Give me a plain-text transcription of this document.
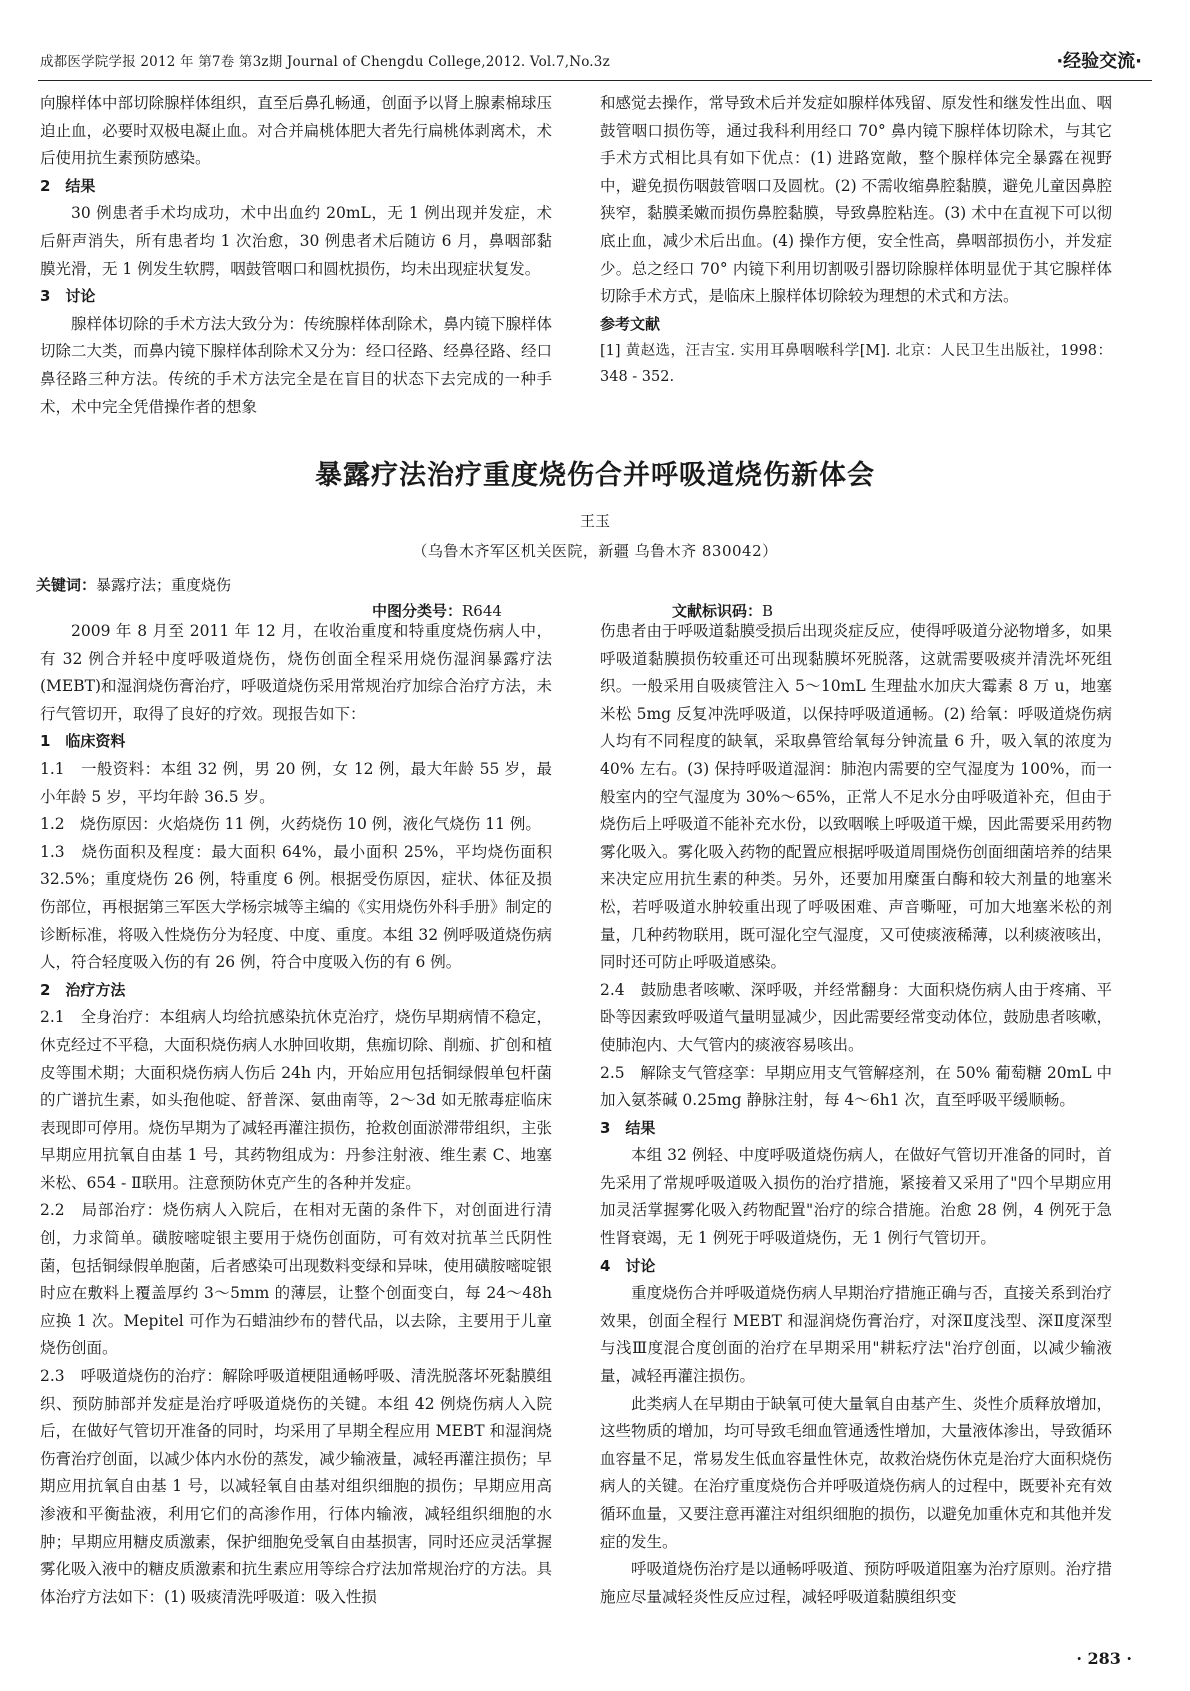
成都医学院学报 2012 年 第7卷 第3z期 Journal of Chengdu College,2012. Vol.7,No.3z	·经验交流·

向腺样体中部切除腺样体组织，直至后鼻孔畅通，创面予以肾上腺素棉球压迫止血，必要时双极电凝止血。对合并扁桃体肥大者先行扁桃体剥离术，术后使用抗生素预防感染。

2　结果

30 例患者手术均成功，术中出血约 20mL，无 1 例出现并发症，术后鼾声消失，所有患者均 1 次治愈，30 例患者术后随访 6 月，鼻咽部黏膜光滑，无 1 例发生软腭，咽鼓管咽口和圆枕损伤，均未出现症状复发。

3　讨论

腺样体切除的手术方法大致分为：传统腺样体刮除术，鼻内镜下腺样体切除二大类，而鼻内镜下腺样体刮除术又分为：经口径路、经鼻径路、经口鼻径路三种方法。传统的手术方法完全是在盲目的状态下去完成的一种手术，术中完全凭借操作者的想象

和感觉去操作，常导致术后并发症如腺样体残留、原发性和继发性出血、咽鼓管咽口损伤等，通过我科利用经口 70° 鼻内镜下腺样体切除术，与其它手术方式相比具有如下优点：(1) 进路宽敞，整个腺样体完全暴露在视野中，避免损伤咽鼓管咽口及圆枕。(2) 不需收缩鼻腔黏膜，避免儿童因鼻腔狭窄，黏膜柔嫩而损伤鼻腔黏膜，导致鼻腔粘连。(3) 术中在直视下可以彻底止血，减少术后出血。(4) 操作方便，安全性高，鼻咽部损伤小，并发症少。总之经口 70° 内镜下利用切割吸引器切除腺样体明显优于其它腺样体切除手术方式，是临床上腺样体切除较为理想的术式和方法。

参考文献

[1] 黄赵选，汪吉宝. 实用耳鼻咽喉科学[M]. 北京：人民卫生出版社，1998：348 - 352.

暴露疗法治疗重度烧伤合并呼吸道烧伤新体会
王玉
（乌鲁木齐军区机关医院，新疆 乌鲁木齐 830042）
关键词：暴露疗法；重度烧伤
中图分类号：R644	文献标识码：B

2009 年 8 月至 2011 年 12 月，在收治重度和特重度烧伤病人中，有 32 例合并轻中度呼吸道烧伤，烧伤创面全程采用烧伤湿润暴露疗法(MEBT)和湿润烧伤膏治疗，呼吸道烧伤采用常规治疗加综合治疗方法，未行气管切开，取得了良好的疗效。现报告如下：

1　临床资料

1.1　一般资料：本组 32 例，男 20 例，女 12 例，最大年龄 55 岁，最小年龄 5 岁，平均年龄 36.5 岁。

1.2　烧伤原因：火焰烧伤 11 例，火药烧伤 10 例，液化气烧伤 11 例。

1.3　烧伤面积及程度：最大面积 64%，最小面积 25%，平均烧伤面积 32.5%；重度烧伤 26 例，特重度 6 例。根据受伤原因，症状、体征及损伤部位，再根据第三军医大学杨宗城等主编的《实用烧伤外科手册》制定的诊断标准，将吸入性烧伤分为轻度、中度、重度。本组 32 例呼吸道烧伤病人，符合轻度吸入伤的有 26 例，符合中度吸入伤的有 6 例。

2　治疗方法

2.1　全身治疗：本组病人均给抗感染抗休克治疗，烧伤早期病情不稳定，休克经过不平稳，大面积烧伤病人水肿回收期，焦痂切除、削痂、扩创和植皮等围术期；大面积烧伤病人伤后 24h 内，开始应用包括铜绿假单包杆菌的广谱抗生素，如头孢他啶、舒普深、氨曲南等，2～3d 如无脓毒症临床表现即可停用。烧伤早期为了减轻再灌注损伤，抢救创面淤滞带组织，主张早期应用抗氧自由基 1 号，其药物组成为：丹参注射液、维生素 C、地塞米松、654 - Ⅱ联用。注意预防休克产生的各种并发症。

2.2　局部治疗：烧伤病人入院后，在相对无菌的条件下，对创面进行清创，力求简单。磺胺嘧啶银主要用于烧伤创面防，可有效对抗革兰氏阴性菌，包括铜绿假单胞菌，后者感染可出现数料变绿和异味，使用磺胺嘧啶银时应在敷料上覆盖厚约 3～5mm 的薄层，让整个创面变白，每 24～48h 应换 1 次。Mepitel 可作为石蜡油纱布的替代品，以去除，主要用于儿童烧伤创面。

2.3　呼吸道烧伤的治疗：解除呼吸道梗阻通畅呼吸、清洗脱落坏死黏膜组织、预防肺部并发症是治疗呼吸道烧伤的关键。本组 42 例烧伤病人入院后，在做好气管切开准备的同时，均采用了早期全程应用 MEBT 和湿润烧伤膏治疗创面，以减少体内水份的蒸发，减少输液量，减轻再灌注损伤；早期应用抗氧自由基 1 号，以减轻氧自由基对组织细胞的损伤；早期应用高渗液和平衡盐液，利用它们的高渗作用，行体内输液，减轻组织细胞的水肿；早期应用糖皮质激素，保护细胞免受氧自由基损害，同时还应灵活掌握雾化吸入液中的糖皮质激素和抗生素应用等综合疗法加常规治疗的方法。具体治疗方法如下：(1) 吸痰清洗呼吸道：吸入性损

伤患者由于呼吸道黏膜受损后出现炎症反应，使得呼吸道分泌物增多，如果呼吸道黏膜损伤较重还可出现黏膜坏死脱落，这就需要吸痰并清洗坏死组织。一般采用自吸痰管注入 5～10mL 生理盐水加庆大霉素 8 万 u，地塞米松 5mg 反复冲洗呼吸道，以保持呼吸道通畅。(2) 给氧：呼吸道烧伤病人均有不同程度的缺氧，采取鼻管给氧每分钟流量 6 升，吸入氧的浓度为 40% 左右。(3) 保持呼吸道湿润：肺泡内需要的空气湿度为 100%，而一般室内的空气湿度为 30%～65%，正常人不足水分由呼吸道补充，但由于烧伤后上呼吸道不能补充水份，以致咽喉上呼吸道干燥，因此需要采用药物雾化吸入。雾化吸入药物的配置应根据呼吸道周围烧伤创面细菌培养的结果来决定应用抗生素的种类。另外，还要加用糜蛋白酶和较大剂量的地塞米松，若呼吸道水肿较重出现了呼吸困难、声音嘶哑，可加大地塞米松的剂量，几种药物联用，既可湿化空气湿度，又可使痰液稀薄，以利痰液咳出，同时还可防止呼吸道感染。

2.4　鼓励患者咳嗽、深呼吸，并经常翻身：大面积烧伤病人由于疼痛、平卧等因素致呼吸道气量明显减少，因此需要经常变动体位，鼓励患者咳嗽，使肺泡内、大气管内的痰液容易咳出。

2.5　解除支气管痉挛：早期应用支气管解痉剂，在 50% 葡萄糖 20mL 中加入氨茶碱 0.25mg 静脉注射，每 4～6h1 次，直至呼吸平缓顺畅。

3　结果

本组 32 例轻、中度呼吸道烧伤病人，在做好气管切开准备的同时，首先采用了常规呼吸道吸入损伤的治疗措施，紧接着又采用了"四个早期应用加灵活掌握雾化吸入药物配置"治疗的综合措施。治愈 28 例，4 例死于急性肾衰竭，无 1 例死于呼吸道烧伤，无 1 例行气管切开。

4　讨论

重度烧伤合并呼吸道烧伤病人早期治疗措施正确与否，直接关系到治疗效果，创面全程行 MEBT 和湿润烧伤膏治疗，对深Ⅱ度浅型、深Ⅱ度深型与浅Ⅲ度混合度创面的治疗在早期采用"耕耘疗法"治疗创面，以减少输液量，减轻再灌注损伤。

此类病人在早期由于缺氧可使大量氧自由基产生、炎性介质释放增加，这些物质的增加，均可导致毛细血管通透性增加，大量液体渗出，导致循环血容量不足，常易发生低血容量性休克，故救治烧伤休克是治疗大面积烧伤病人的关键。在治疗重度烧伤合并呼吸道烧伤病人的过程中，既要补充有效循环血量，又要注意再灌注对组织细胞的损伤，以避免加重休克和其他并发症的发生。

呼吸道烧伤治疗是以通畅呼吸道、预防呼吸道阻塞为治疗原则。治疗措施应尽量减轻炎性反应过程，减轻呼吸道黏膜组织变

· 283 ·
